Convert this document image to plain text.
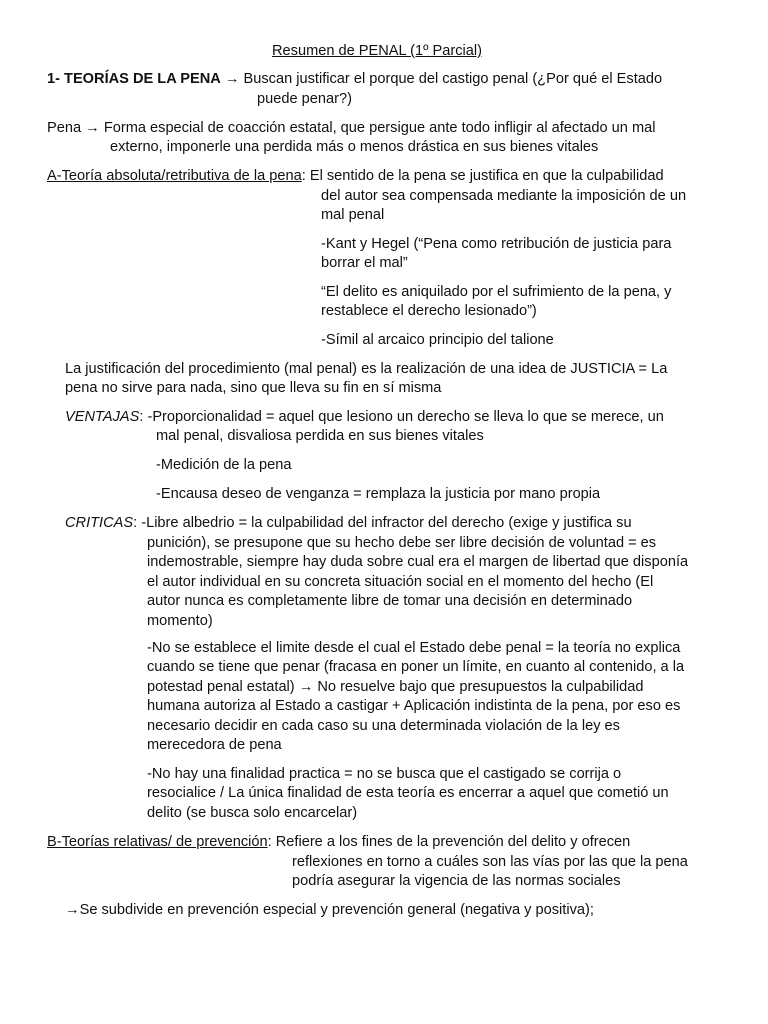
Resumen de PENAL (1º Parcial)
1- TEORÍAS DE LA PENA → Buscan justificar el porque del castigo penal (¿Por qué el Estado
puede penar?)
Pena → Forma especial de coacción estatal, que persigue ante todo infligir al afectado un mal
externo, imponerle una perdida más o menos drástica en sus bienes vitales
A-Teoría absoluta/retributiva de la pena: El sentido de la pena se justifica en que la culpabilidad
del autor sea compensada mediante la imposición de un
mal penal
-Kant y Hegel (“Pena como retribución de justicia para
borrar el mal”
“El delito es aniquilado por el sufrimiento de la pena, y
restablece el derecho lesionado”)
-Símil al arcaico principio del talione
La justificación del procedimiento (mal penal) es la realización de una idea de JUSTICIA = La
pena no sirve para nada, sino que lleva su fin en sí misma
VENTAJAS: -Proporcionalidad = aquel que lesiono un derecho se lleva lo que se merece, un
mal penal, disvaliosa perdida en sus bienes vitales
-Medición de la pena
-Encausa deseo de venganza = remplaza la justicia por mano propia
CRITICAS: -Libre albedrio = la culpabilidad del infractor del derecho (exige y justifica su
punición), se presupone que su hecho debe ser libre decisión de voluntad = es
indemostrable, siempre hay duda sobre cual era el margen de libertad que disponía
el autor individual en su concreta situación social en el momento del hecho (El
autor nunca es completamente libre de tomar una decisión en determinado
momento)
-No se establece el limite desde el cual el Estado debe penal = la teoría no explica
cuando se tiene que penar (fracasa en poner un límite, en cuanto al contenido, a la
potestad penal estatal) → No resuelve bajo que presupuestos la culpabilidad
humana autoriza al Estado a castigar + Aplicación indistinta de la pena, por eso es
necesario decidir en cada caso su una determinada violación de la ley es
merecedora de pena
-No hay una finalidad practica = no se busca que el castigado se corrija o
resocialice / La única finalidad de esta teoría es encerrar a aquel que cometió un
delito (se busca solo encarcelar)
B-Teorías relativas/ de prevención: Refiere a los fines de la prevención del delito y ofrecen
reflexiones en torno a cuáles son las vías por las que la pena
podría asegurar la vigencia de las normas sociales
→Se subdivide en prevención especial y prevención general (negativa y positiva);
